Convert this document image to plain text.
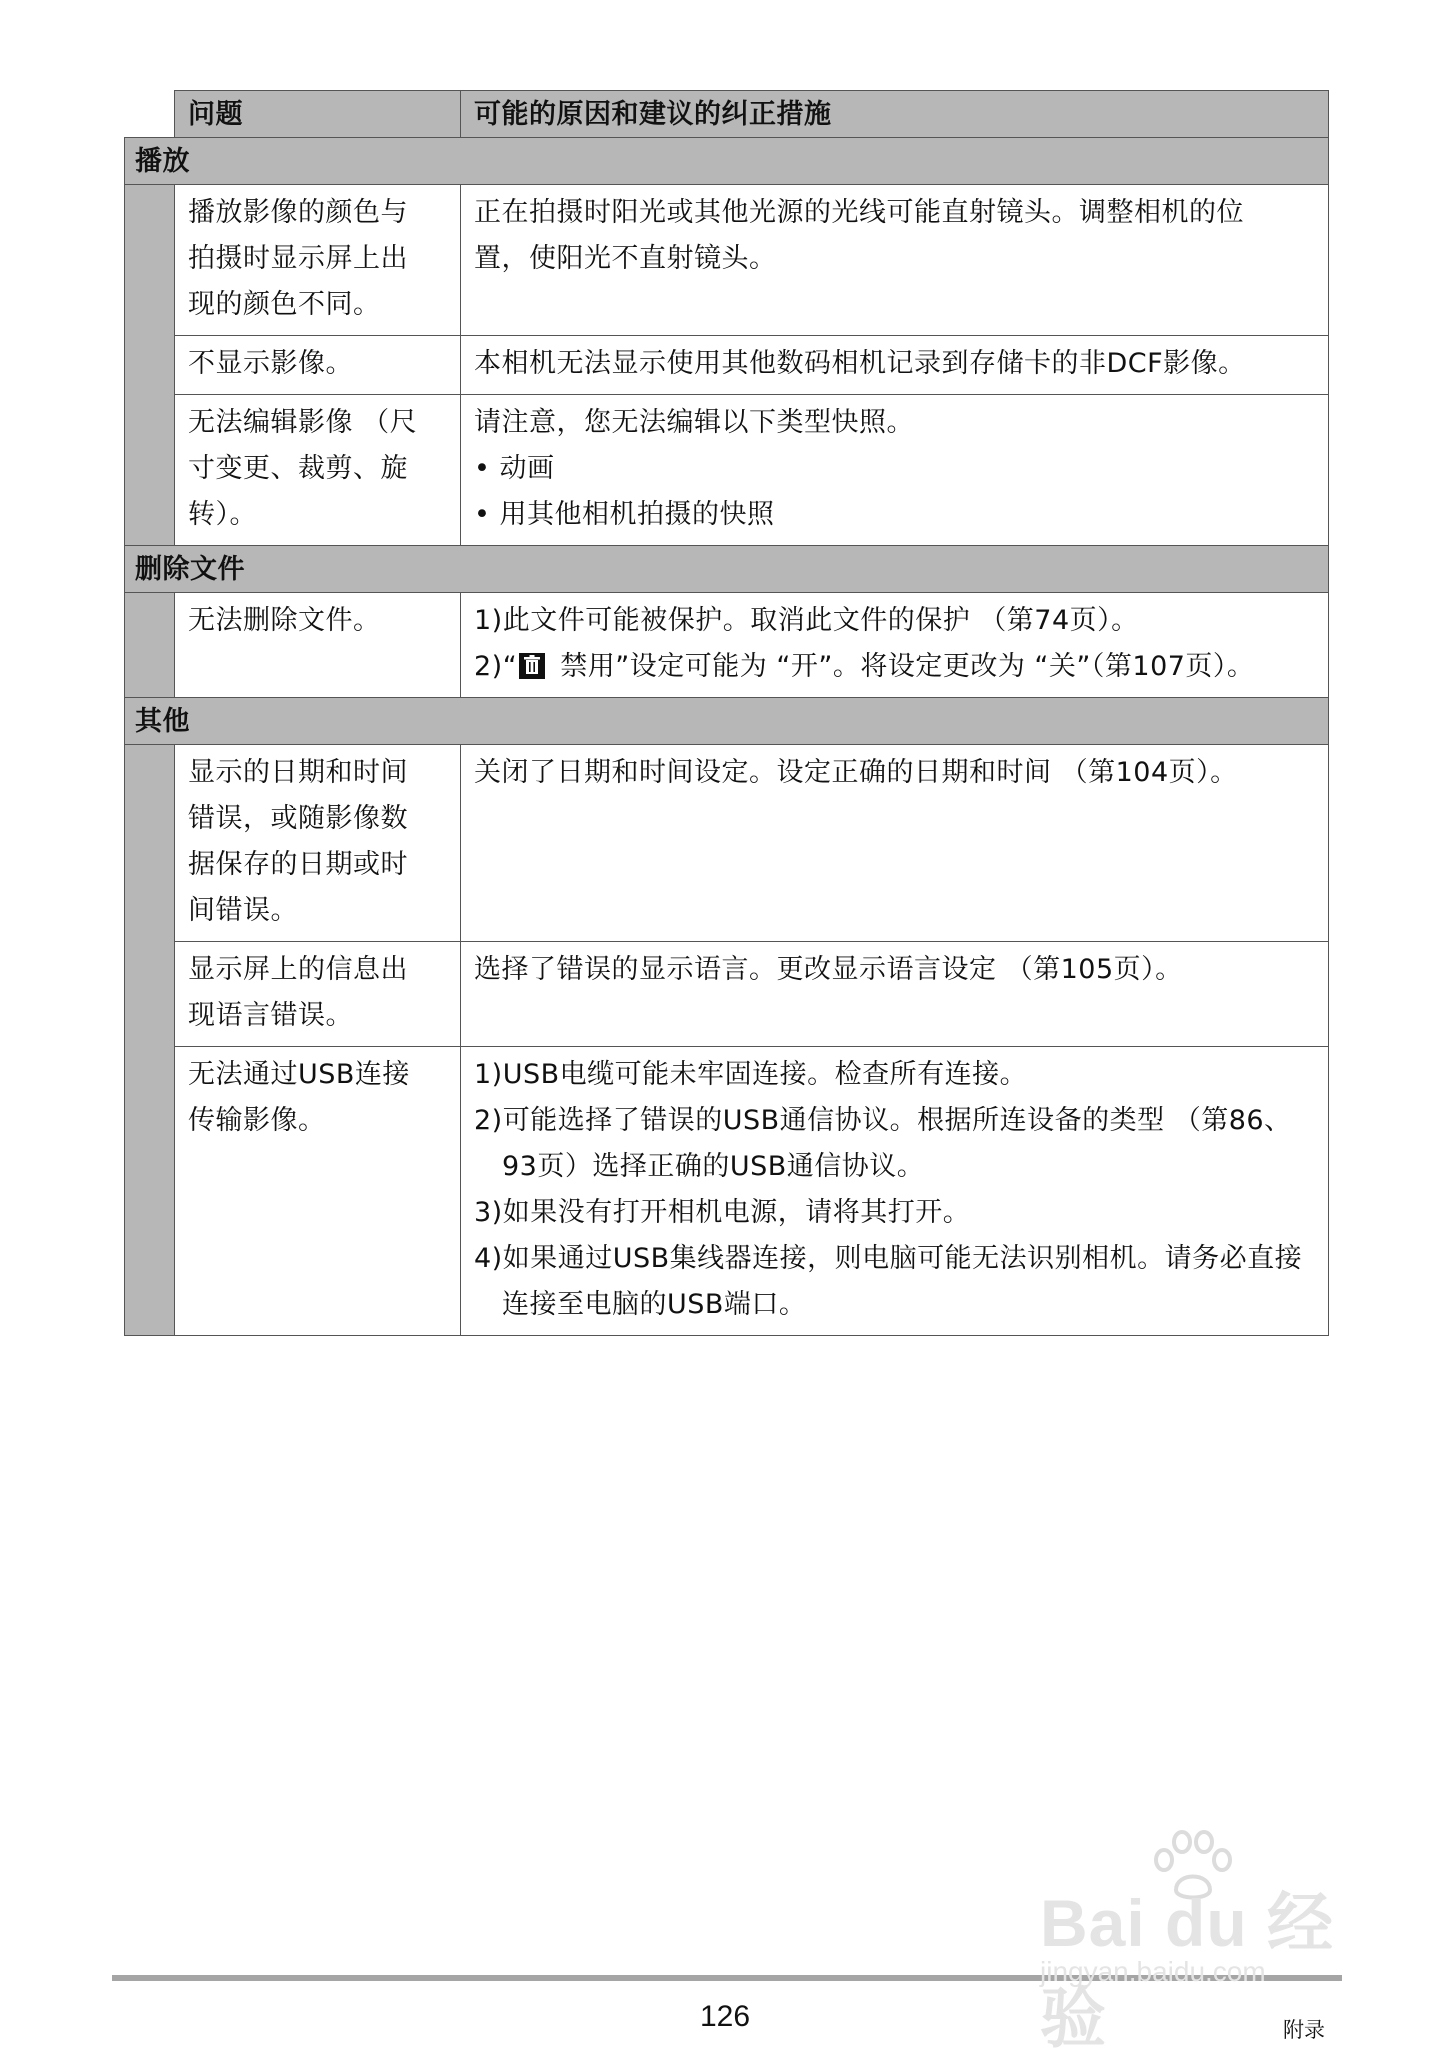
	问题	可能的原因和建议的纠正措施
播放		

	播放影像的颜色与
拍摄时显示屏上出
现的颜色不同。	正在拍摄时阳光或其他光源的光线可能直射镜头。调整相机的位
置，使阳光不直射镜头。

	不显示影像。	本相机无法显示使用其他数码相机记录到存储卡的非DCF影像。

	无法编辑影像 （尺
寸变更、裁剪、旋
转）。	请注意，您无法编辑以下类型快照。
• 动画
• 用其他相机拍摄的快照

删除文件		

	无法删除文件。	1)此文件可能被保护。取消此文件的保护 （第74页）。
2)“ 禁用”设定可能为 “开”。将设定更改为 “关”（第107页）。

其他		

	显示的日期和时间
错误，或随影像数
据保存的日期或时
间错误。	关闭了日期和时间设定。设定正确的日期和时间 （第104页）。

	显示屏上的信息出
现语言错误。	选择了错误的显示语言。更改显示语言设定 （第105页）。

	无法通过USB连接
传输影像。	1)USB电缆可能未牢固连接。检查所有连接。
2)可能选择了错误的USB通信协议。根据所连设备的类型 （第86、93页）选择正确的USB通信协议。
3)如果没有打开相机电源，请将其打开。
4)如果通过USB集线器连接，则电脑可能无法识别相机。请务必直接连接至电脑的USB端口。
126	附录
Bai du 经验
jingyan.baidu.com
